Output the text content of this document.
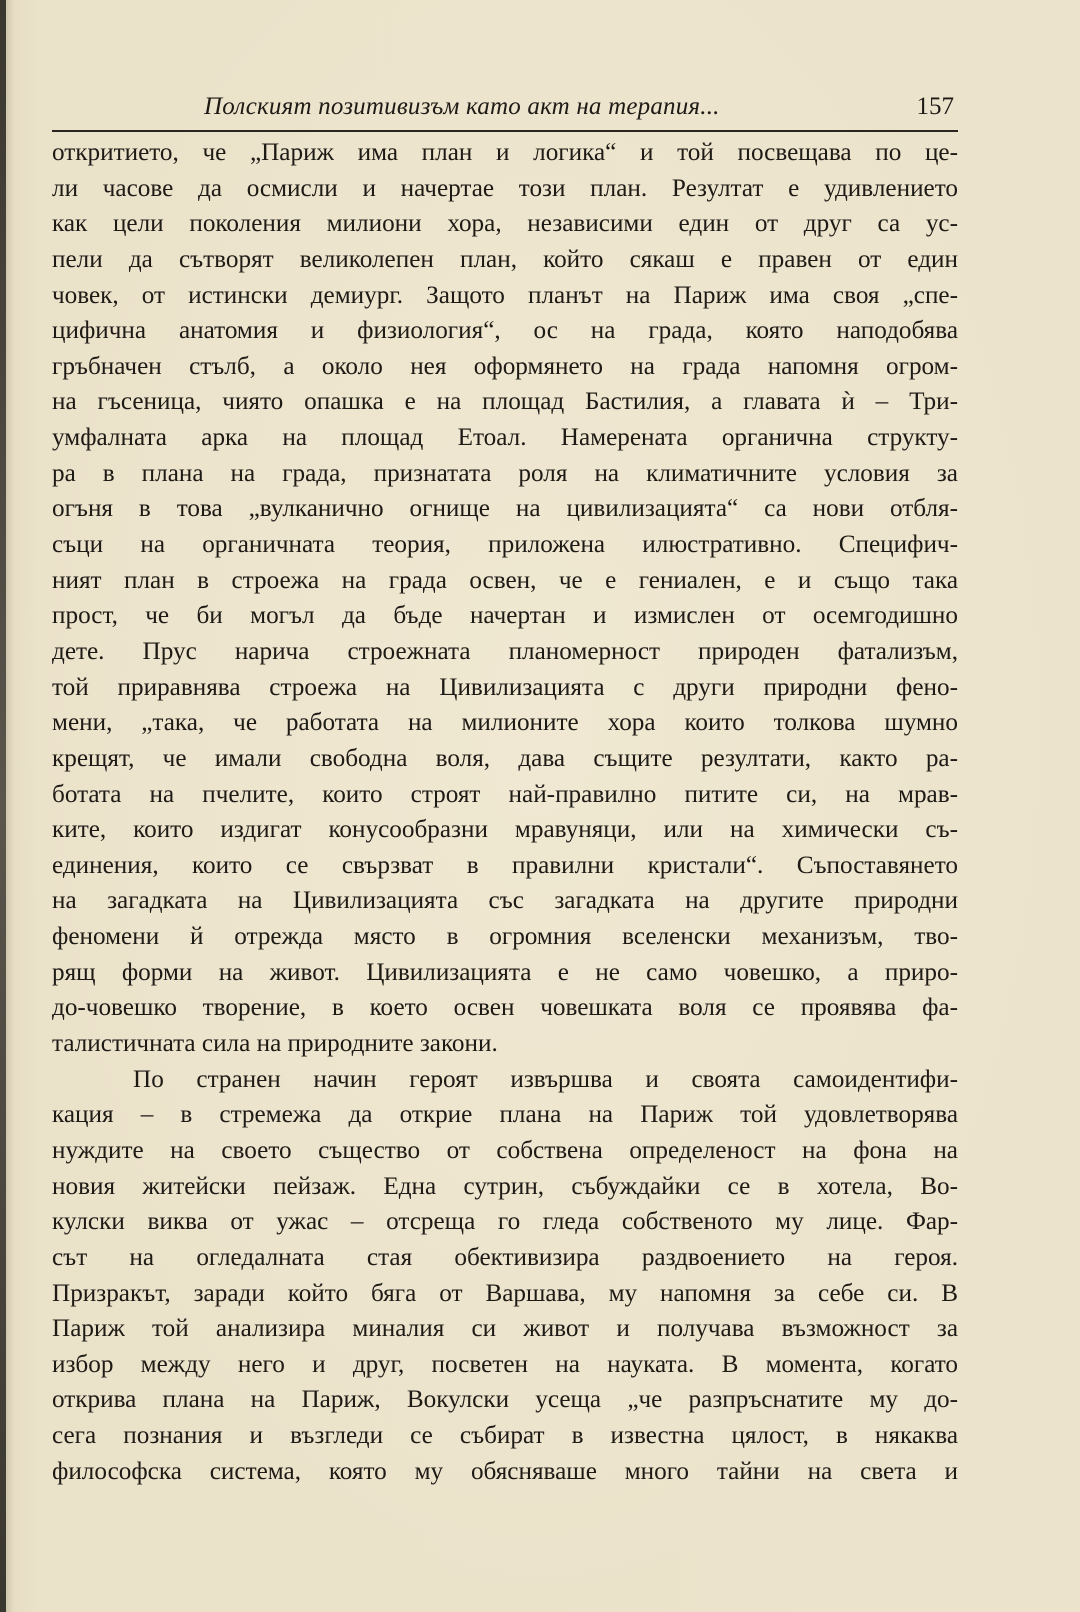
Полският позитивизъм като акт на терапия...	157
откритието, че „Париж има план и логика“ и той посвещава по це-
ли часове да осмисли и начертае този план. Резултат е удивлението
как цели поколения милиони хора, независими един от друг са ус-
пели да сътворят великолепен план, който сякаш е правен от един
човек, от истински демиург. Защото планът на Париж има своя „спе-
цифична анатомия и физиология“, ос на града, която наподобява
гръбначен стълб, а около нея оформянето на града напомня огром-
на гъсеница, чиято опашка е на площад Бастилия, а главата ѝ – Три-
умфалната арка на площад Етоал. Намерената органична структу-
ра в плана на града, признатата роля на климатичните условия за
огъня в това „вулканично огнище на цивилизацията“ са нови отбля-
съци на органичната теория, приложена илюстративно. Специфич-
ният план в строежа на града освен, че е гениален, е и също така
прост, че би могъл да бъде начертан и измислен от осемгодишно
дете. Прус нарича строежната планомерност природен фатализъм,
той приравнява строежа на Цивилизацията с други природни фено-
мени, „така, че работата на милионите хора които толкова шумно
крещят, че имали свободна воля, дава същите резултати, както ра-
ботата на пчелите, които строят най-правилно питите си, на мрав-
ките, които издигат конусообразни мравуняци, или на химически съ-
единения, които се свързват в правилни кристали“. Съпоставянето
на загадката на Цивилизацията със загадката на другите природни
феномени й отрежда място в огромния вселенски механизъм, тво-
рящ форми на живот. Цивилизацията е не само човешко, а приро-
до-човешко творение, в което освен човешката воля се проявява фа-
талистичната сила на природните закони.
По странен начин героят извършва и своята самоидентифи-
кация – в стремежа да открие плана на Париж той удовлетворява
нуждите на своето същество от собствена определеност на фона на
новия житейски пейзаж. Една сутрин, събуждайки се в хотела, Во-
кулски виква от ужас – отсреща го гледа собственото му лице. Фар-
сът на огледалната стая обективизира раздвоението на героя.
Призракът, заради който бяга от Варшава, му напомня за себе си. В
Париж той анализира миналия си живот и получава възможност за
избор между него и друг, посветен на науката. В момента, когато
открива плана на Париж, Вокулски усеща „че разпръснатите му до-
сега познания и възгледи се събират в известна цялост, в някаква
философска система, която му обясняваше много тайни на света и
